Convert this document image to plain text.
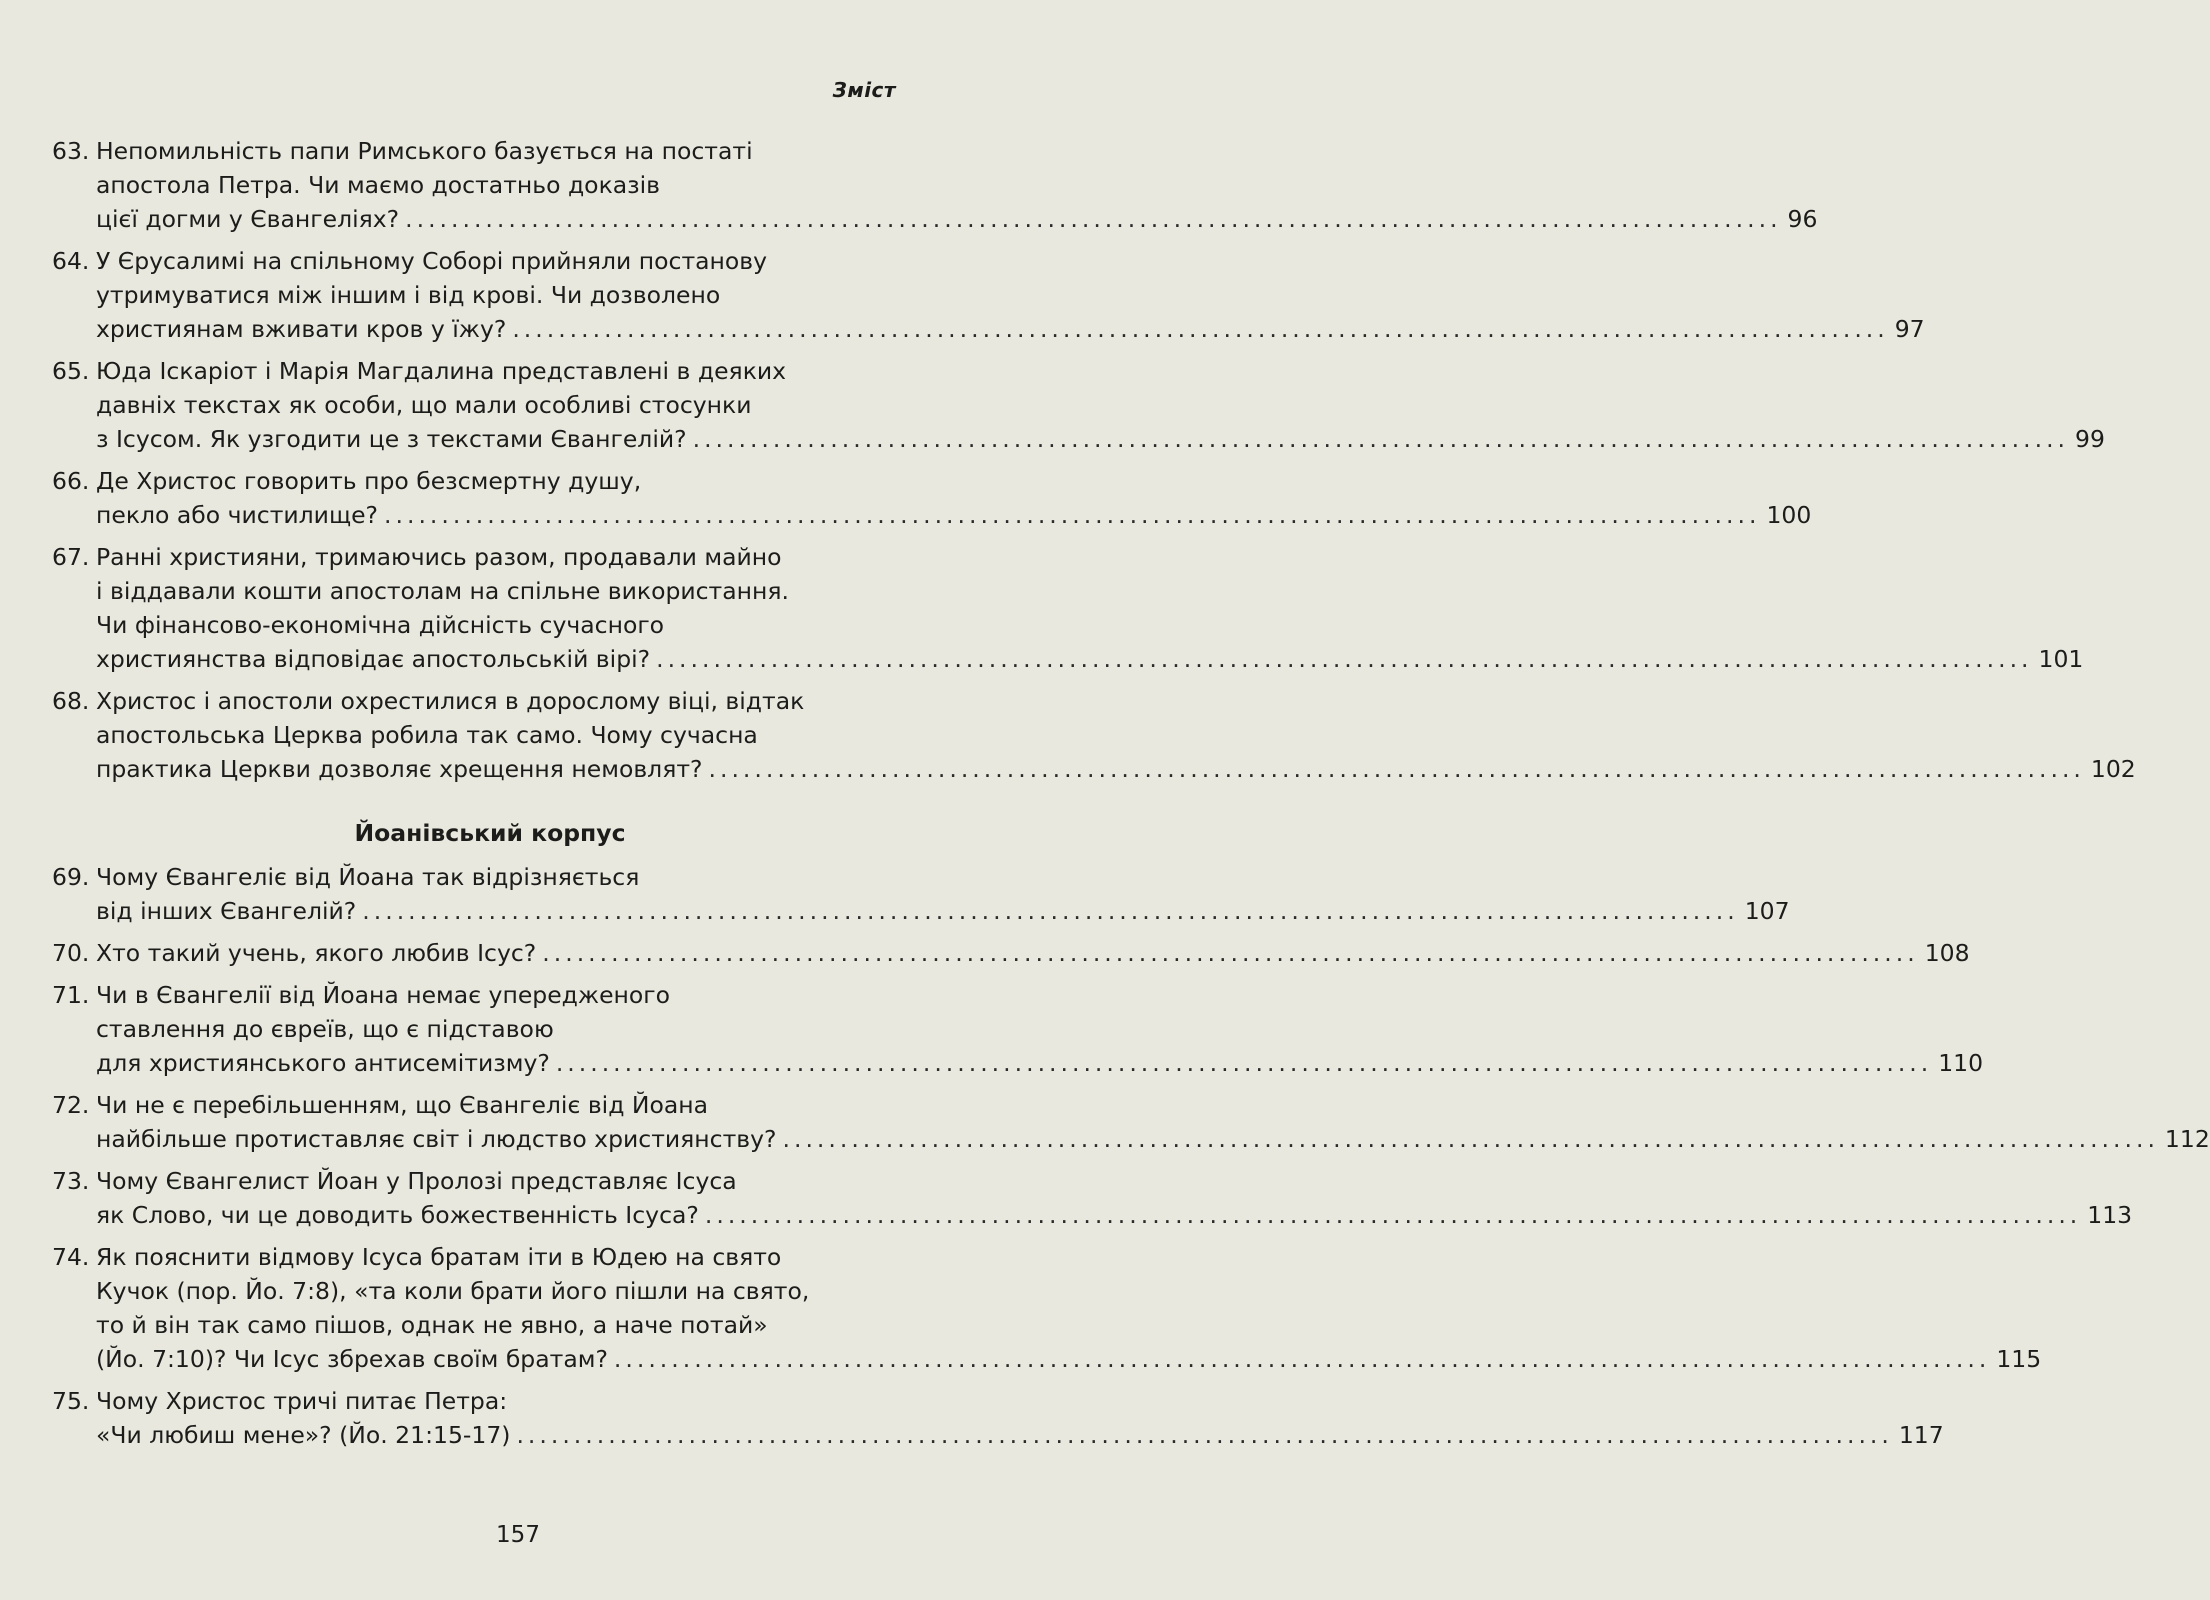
Зміст
63. Непомильність папи Римського базується на постаті
апостола Петра. Чи маємо достатньо доказів
цієї догми у Євангеліях? ........................................................................................................................ 96
64. У Єрусалимі на спільному Соборі прийняли постанову
утримуватися між іншим і від крові. Чи дозволено
християнам вживати кров у їжу? ........................................................................................................................ 97
65. Юда Іскаріот і Марія Магдалина представлені в деяких
давніх текстах як особи, що мали особливі стосунки
з Ісусом. Як узгодити це з текстами Євангелій? ........................................................................................................................ 99
66. Де Христос говорить про безсмертну душу,
пекло або чистилище? ........................................................................................................................ 100
67. Ранні християни, тримаючись разом, продавали майно
і віддавали кошти апостолам на спільне використання.
Чи фінансово-економічна дійсність сучасного
християнства відповідає апостольській вірі? ........................................................................................................................ 101
68. Христос і апостоли охрестилися в дорослому віці, відтак
апостольська Церква робила так само. Чому сучасна
практика Церкви дозволяє хрещення немовлят? ........................................................................................................................ 102
Йоанівський корпус
69. Чому Євангеліє від Йоана так відрізняється
від інших Євангелій? ........................................................................................................................ 107
70. Хто такий учень, якого любив Ісус? ........................................................................................................................ 108
71. Чи в Євангелії від Йоана немає упередженого
ставлення до євреїв, що є підставою
для християнського антисемітизму? ........................................................................................................................ 110
72. Чи не є перебільшенням, що Євангеліє від Йоана
найбільше протиставляє світ і людство християнству? ........................................................................................................................ 112
73. Чому Євангелист Йоан у Пролозі представляє Ісуса
як Слово, чи це доводить божественність Ісуса? ........................................................................................................................ 113
74. Як пояснити відмову Ісуса братам іти в Юдею на свято
Кучок (пор. Йо. 7:8), «та коли брати його пішли на свято,
то й він так само пішов, однак не явно, а наче потай»
(Йо. 7:10)? Чи Ісус збрехав своїм братам? ........................................................................................................................ 115
75. Чому Христос тричі питає Петра:
«Чи любиш мене»? (Йо. 21:15-17) ........................................................................................................................ 117
157
